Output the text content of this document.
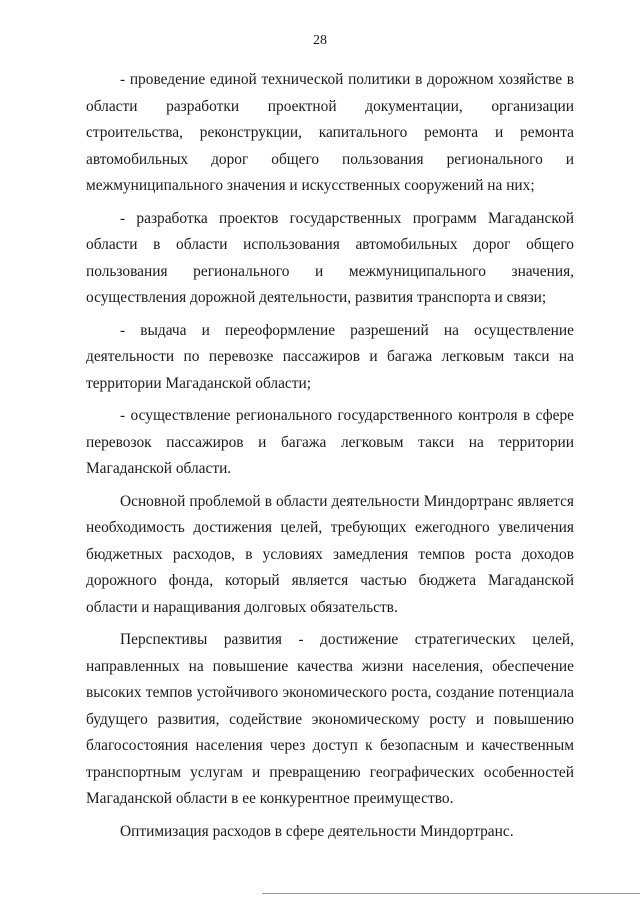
28

- проведение единой технической политики в дорожном хозяйстве в области разработки проектной документации, организации строительства, реконструкции, капитального ремонта и ремонта автомобильных дорог общего пользования регионального и межмуниципального значения и искусственных сооружений на них;

- разработка проектов государственных программ Магаданской области в области использования автомобильных дорог общего пользования регионального и межмуниципального значения, осуществления дорожной деятельности, развития транспорта и связи;

- выдача и переоформление разрешений на осуществление деятельности по перевозке пассажиров и багажа легковым такси на территории Магаданской области;

- осуществление регионального государственного контроля в сфере перевозок пассажиров и багажа легковым такси на территории Магаданской области.

Основной проблемой в области деятельности Миндортранс является необходимость достижения целей, требующих ежегодного увеличения бюджетных расходов, в условиях замедления темпов роста доходов дорожного фонда, который является частью бюджета Магаданской области и наращивания долговых обязательств.

Перспективы развития - достижение стратегических целей, направленных на повышение качества жизни населения, обеспечение высоких темпов устойчивого экономического роста, создание потенциала будущего развития, содействие экономическому росту и повышению благосостояния населения через доступ к безопасным и качественным транспортным услугам и превращению географических особенностей Магаданской области в ее конкурентное преимущество.

Оптимизация расходов в сфере деятельности Миндортранс.
